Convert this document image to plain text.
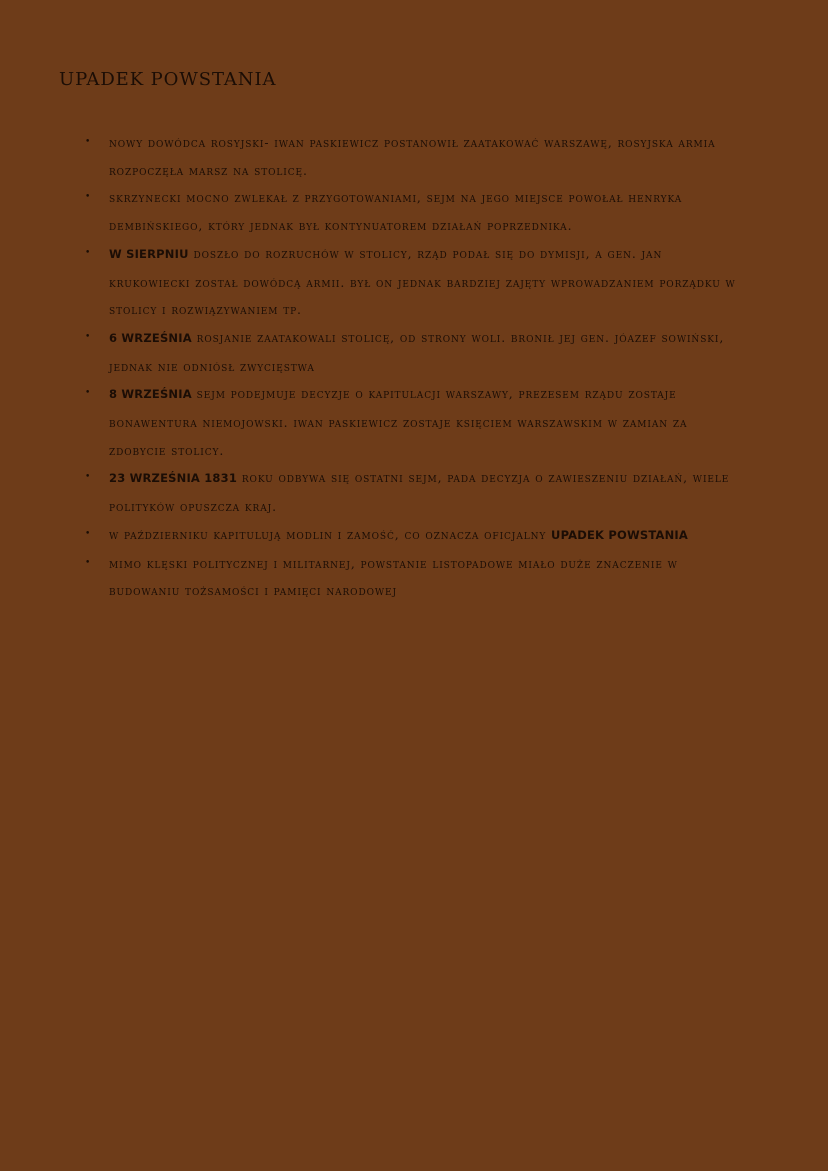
UPADEK POWSTANIA
• nowy dowódca rosyjski- iwan paskiewicz postanowił zaatakować warszawę, rosyjska armia rozpoczęła marsz na stolicę.
• skrzynecki mocno zwlekał z przygotowaniami, sejm na jego miejsce powołał henryka dembińskiego, który jednak był kontynuatorem działań poprzednika.
• W SIERPNIU doszło do rozruchów w stolicy, rząd podał się do dymisji, a gen. jan krukowiecki został dowódcą armii. był on jednak bardziej zajęty wprowadzaniem porządku w stolicy i rozwiązywaniem tp.
• 6 WRZEŚNIA rosjanie zaatakowali stolicę, od strony woli. bronił jej gen. jóazef sowiński, jednak nie odniósł zwycięstwa
• 8 WRZEŚNIA sejm podejmuje decyzje o kapitulacji warszawy, prezesem rządu zostaje bonawentura niemojowski. iwan paskiewicz zostaje księciem warszawskim w zamian za zdobycie stolicy.
• 23 WRZEŚNIA 1831 roku odbywa się ostatni sejm, pada decyzja o zawieszeniu działań, wiele polityków opuszcza kraj.
• w październiku kapitulują modlin i zamość, co oznacza oficjalny UPADEK POWSTANIA
• mimo klęski politycznej i militarnej, powstanie listopadowe miało duże znaczenie w budowaniu tożsamości i pamięci narodowej
